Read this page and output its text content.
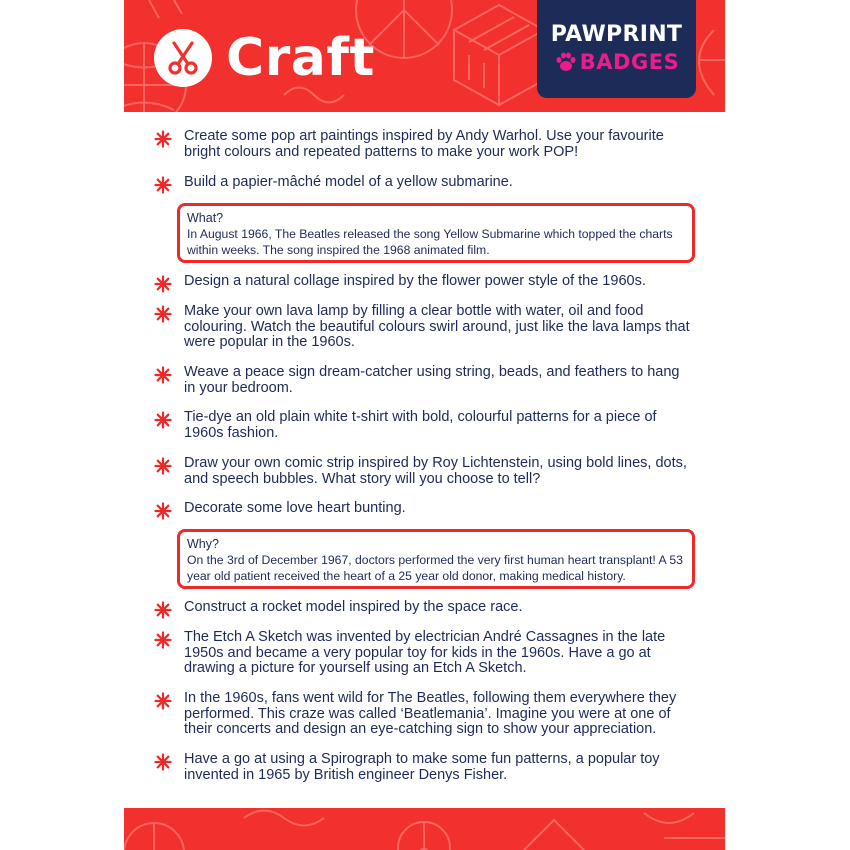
Craft	PAWPRINT
BADGES
Create some pop art paintings inspired by Andy Warhol. Use your favourite bright colours and repeated patterns to make your work POP!
Build a papier-mâché model of a yellow submarine.
What?
In August 1966, The Beatles released the song Yellow Submarine which topped the charts within weeks. The song inspired the 1968 animated film.
Design a natural collage inspired by the flower power style of the 1960s.
Make your own lava lamp by filling a clear bottle with water, oil and food colouring. Watch the beautiful colours swirl around, just like the lava lamps that were popular in the 1960s.
Weave a peace sign dream-catcher using string, beads, and feathers to hang in your bedroom.
Tie-dye an old plain white t-shirt with bold, colourful patterns for a piece of 1960s fashion.
Draw your own comic strip inspired by Roy Lichtenstein, using bold lines, dots, and speech bubbles. What story will you choose to tell?
Decorate some love heart bunting.
Why?
On the 3rd of December 1967, doctors performed the very first human heart transplant! A 53 year old patient received the heart of a 25 year old donor, making medical history.
Construct a rocket model inspired by the space race.
The Etch A Sketch was invented by electrician André Cassagnes in the late 1950s and became a very popular toy for kids in the 1960s. Have a go at drawing a picture for yourself using an Etch A Sketch.
In the 1960s, fans went wild for The Beatles, following them everywhere they performed. This craze was called ‘Beatlemania’. Imagine you were at one of their concerts and design an eye-catching sign to show your appreciation.
Have a go at using a Spirograph to make some fun patterns, a popular toy invented in 1965 by British engineer Denys Fisher.
